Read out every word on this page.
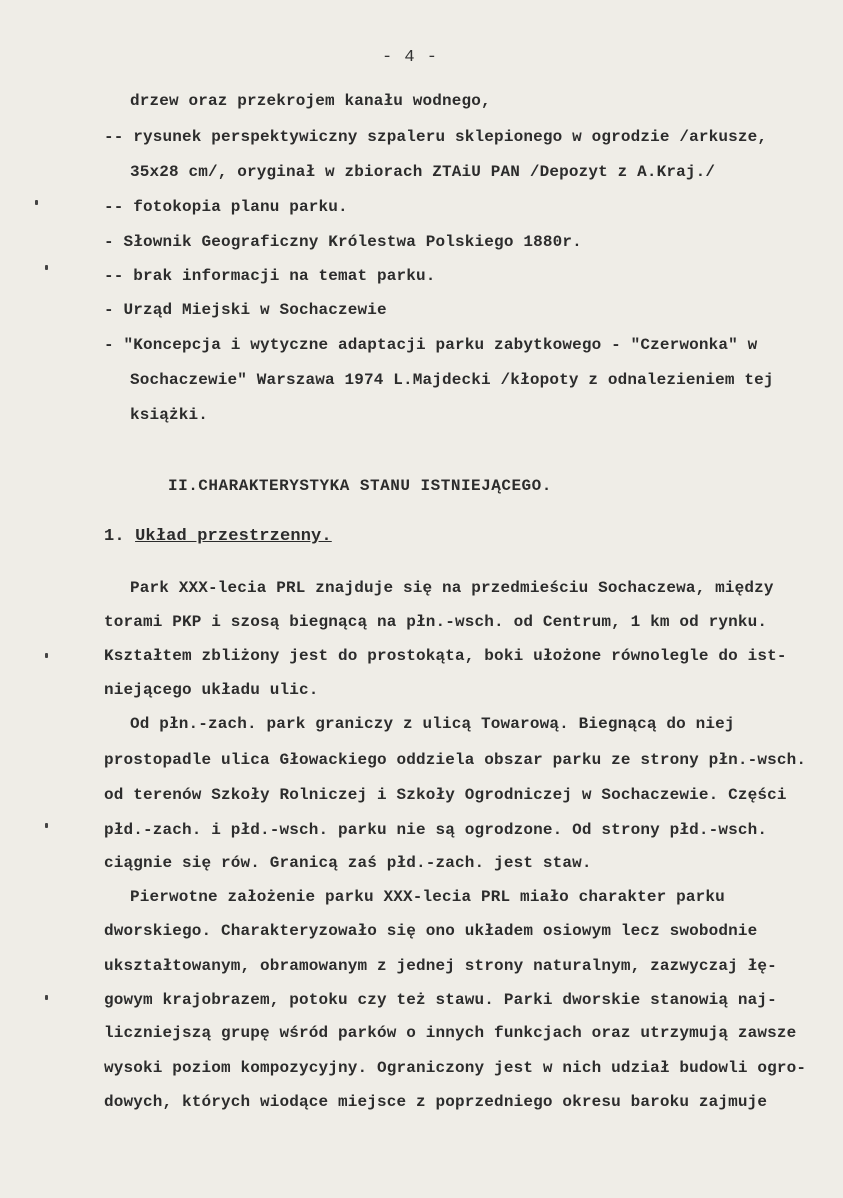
- 4 -
drzew oraz przekrojem kanału wodnego,
-- rysunek perspektywiczny szpaleru sklepionego w ogrodzie /arkusze,
35x28 cm/, oryginał w zbiorach ZTAiU PAN /Depozyt z A.Kraj./
-- fotokopia planu parku.
- Słownik Geograficzny Królestwa Polskiego 1880r.
-- brak informacji na temat parku.
- Urząd Miejski w Sochaczewie
- "Koncepcja i wytyczne adaptacji parku zabytkowego - "Czerwonka" w
Sochaczewie" Warszawa 1974 L.Majdecki /kłopoty z odnalezieniem tej
książki.
II.CHARAKTERYSTYKA STANU ISTNIEJĄCEGO.
1. Układ przestrzenny.
Park XXX-lecia PRL znajduje się na przedmieściu Sochaczewa, między
torami PKP i szosą biegnącą na płn.-wsch. od Centrum, 1 km od rynku.
Kształtem zbliżony jest do prostokąta, boki ułożone równolegle do ist-
niejącego układu ulic.
Od płn.-zach. park graniczy z ulicą Towarową. Biegnącą do niej
prostopadle ulica Głowackiego oddziela obszar parku ze strony płn.-wsch.
od terenów Szkoły Rolniczej i Szkoły Ogrodniczej w Sochaczewie. Części
płd.-zach. i płd.-wsch. parku nie są ogrodzone. Od strony płd.-wsch.
ciągnie się rów. Granicą zaś płd.-zach. jest staw.
Pierwotne założenie parku XXX-lecia PRL miało charakter parku
dworskiego. Charakteryzowało się ono układem osiowym lecz swobodnie
ukształtowanym, obramowanym z jednej strony naturalnym, zazwyczaj łę-
gowym krajobrazem, potoku czy też stawu. Parki dworskie stanowią naj-
liczniejszą grupę wśród parków o innych funkcjach oraz utrzymują zawsze
wysoki poziom kompozycyjny. Ograniczony jest w nich udział budowli ogro-
dowych, których wiodące miejsce z poprzedniego okresu baroku zajmuje
